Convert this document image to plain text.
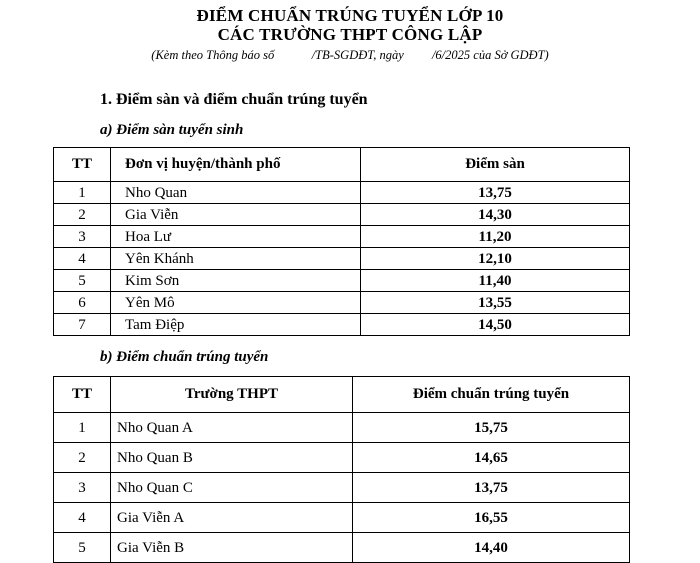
ĐIỂM CHUẨN TRÚNG TUYỂN LỚP 10
CÁC TRƯỜNG THPT CÔNG LẬP
(Kèm theo Thông báo số            /TB-SGDĐT, ngày         /6/2025 của Sở GDĐT)
1. Điểm sàn và điểm chuẩn trúng tuyển
a) Điểm sàn tuyển sinh
TT	Đơn vị huyện/thành phố	Điểm sàn
1	Nho Quan	13,75
2	Gia Viễn	14,30
3	Hoa Lư	11,20
4	Yên Khánh	12,10
5	Kim Sơn	11,40
6	Yên Mô	13,55
7	Tam Điệp	14,50
b) Điểm chuẩn trúng tuyển
TT	Trường THPT	Điểm chuẩn trúng tuyển
1	Nho Quan A	15,75
2	Nho Quan B	14,65
3	Nho Quan C	13,75
4	Gia Viễn A	16,55
5	Gia Viễn B	14,40
